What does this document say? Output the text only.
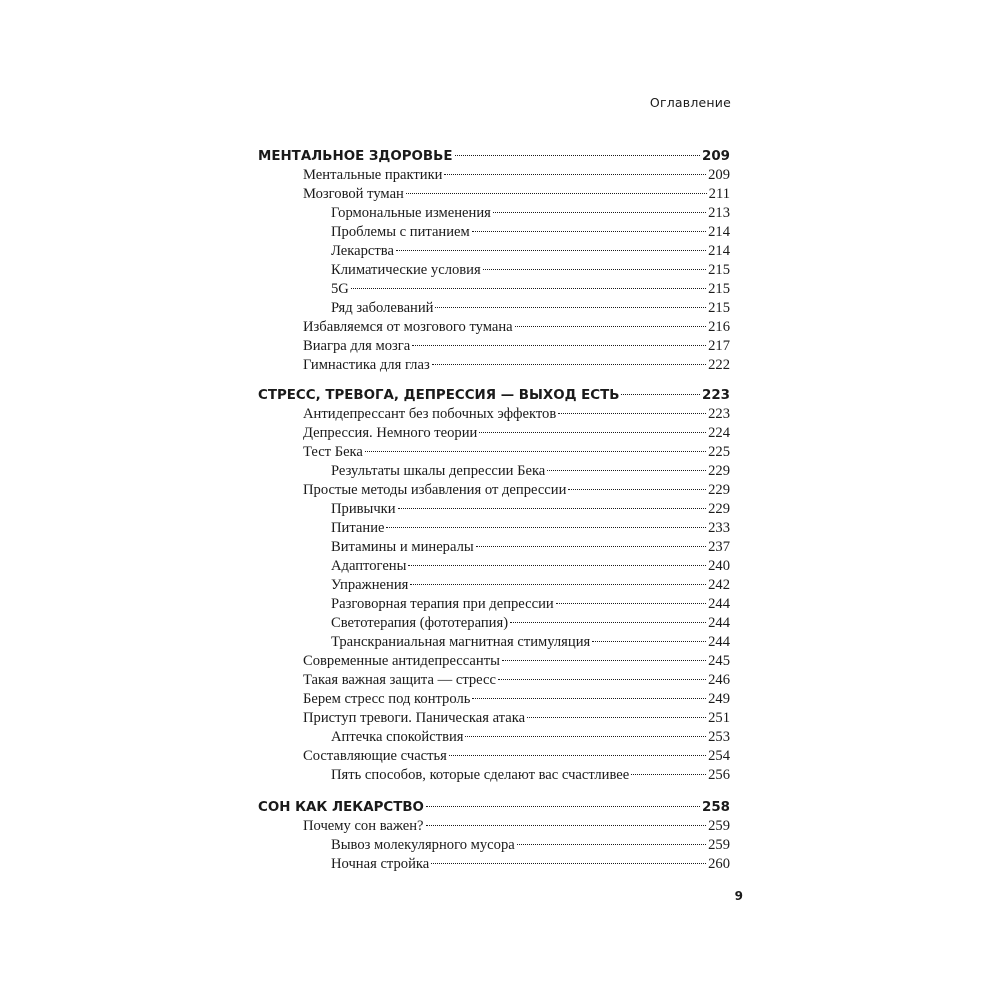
Оглавление
МЕНТАЛЬНОЕ ЗДОРОВЬЕ	209
Ментальные практики	209
Мозговой туман	211
Гормональные изменения	213
Проблемы с питанием	214
Лекарства	214
Климатические условия	215
5G	215
Ряд заболеваний	215
Избавляемся от мозгового тумана	216
Виагра для мозга	217
Гимнастика для глаз	222
СТРЕСС, ТРЕВОГА, ДЕПРЕССИЯ — ВЫХОД ЕСТЬ	223
Антидепрессант без побочных эффектов	223
Депрессия. Немного теории	224
Тест Бека	225
Результаты шкалы депрессии Бека	229
Простые методы избавления от депрессии	229
Привычки	229
Питание	233
Витамины и минералы	237
Адаптогены	240
Упражнения	242
Разговорная терапия при депрессии	244
Светотерапия (фототерапия)	244
Транскраниальная магнитная стимуляция	244
Современные антидепрессанты	245
Такая важная защита — стресс	246
Берем стресс под контроль	249
Приступ тревоги. Паническая атака	251
Аптечка спокойствия	253
Составляющие счастья	254
Пять способов, которые сделают вас счастливее	256
СОН КАК ЛЕКАРСТВО	258
Почему сон важен?	259
Вывоз молекулярного мусора	259
Ночная стройка	260
9
